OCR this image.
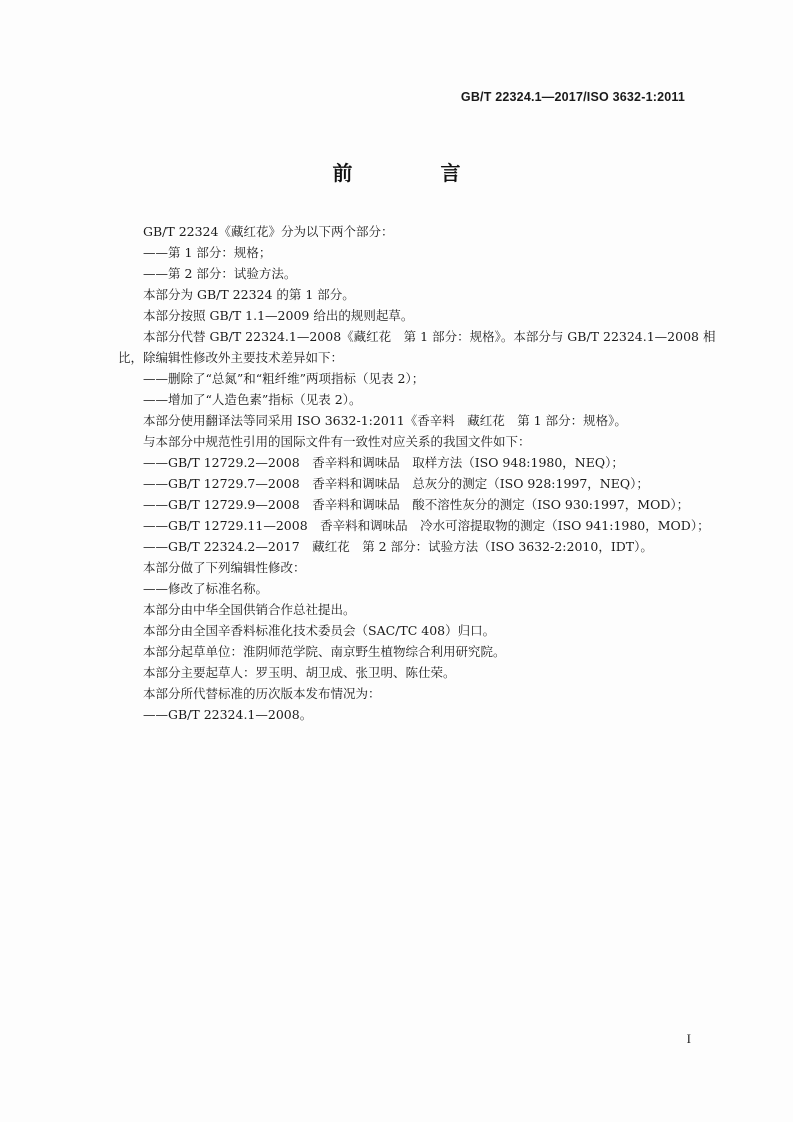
GB/T 22324.1—2017/ISO 3632-1:2011
前　言
GB/T 22324《藏红花》分为以下两个部分：
——第 1 部分：规格；
——第 2 部分：试验方法。
本部分为 GB/T 22324 的第 1 部分。
本部分按照 GB/T 1.1—2009 给出的规则起草。
本部分代替 GB/T 22324.1—2008《藏红花　第 1 部分：规格》。本部分与 GB/T 22324.1—2008 相
比，除编辑性修改外主要技术差异如下：
——删除了“总氮”和“粗纤维”两项指标（见表 2）；
——增加了“人造色素”指标（见表 2）。
本部分使用翻译法等同采用 ISO 3632-1:2011《香辛料　藏红花　第 1 部分：规格》。
与本部分中规范性引用的国际文件有一致性对应关系的我国文件如下：
——GB/T 12729.2—2008　香辛料和调味品　取样方法（ISO 948:1980，NEQ）；
——GB/T 12729.7—2008　香辛料和调味品　总灰分的测定（ISO 928:1997，NEQ）；
——GB/T 12729.9—2008　香辛料和调味品　酸不溶性灰分的测定（ISO 930:1997，MOD）；
——GB/T 12729.11—2008　香辛料和调味品　冷水可溶提取物的测定（ISO 941:1980，MOD）；
——GB/T 22324.2—2017　藏红花　第 2 部分：试验方法（ISO 3632-2:2010，IDT）。
本部分做了下列编辑性修改：
——修改了标准名称。
本部分由中华全国供销合作总社提出。
本部分由全国辛香料标准化技术委员会（SAC/TC 408）归口。
本部分起草单位：淮阴师范学院、南京野生植物综合利用研究院。
本部分主要起草人：罗玉明、胡卫成、张卫明、陈仕荣。
本部分所代替标准的历次版本发布情况为：
——GB/T 22324.1—2008。
I
